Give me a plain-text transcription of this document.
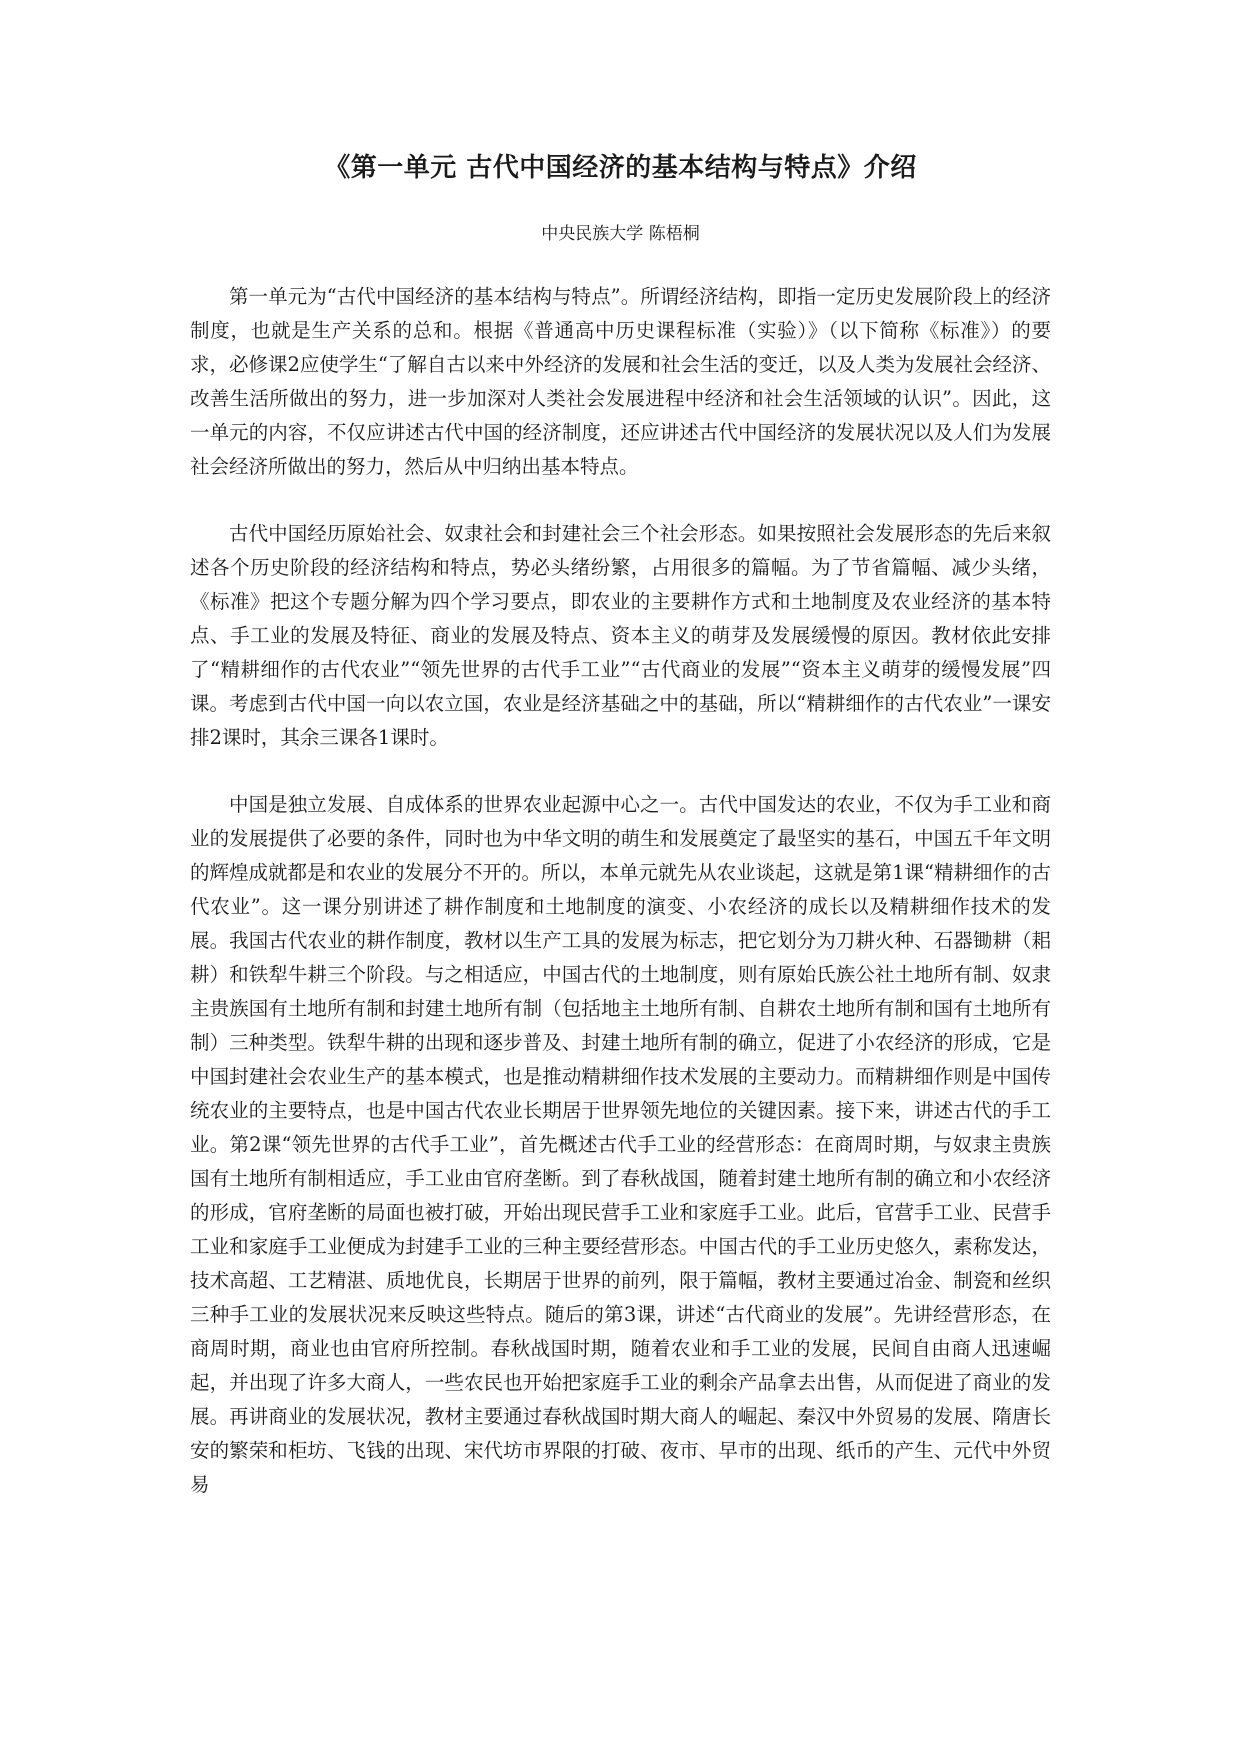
《第一单元 古代中国经济的基本结构与特点》介绍
中央民族大学 陈梧桐

第一单元为“古代中国经济的基本结构与特点”。所谓经济结构，即指一定历史发展阶段上的经济制度，也就是生产关系的总和。根据《普通高中历史课程标准（实验）》（以下简称《标准》）的要求，必修课2应使学生“了解自古以来中外经济的发展和社会生活的变迁，以及人类为发展社会经济、改善生活所做出的努力，进一步加深对人类社会发展进程中经济和社会生活领域的认识”。因此，这一单元的内容，不仅应讲述古代中国的经济制度，还应讲述古代中国经济的发展状况以及人们为发展社会经济所做出的努力，然后从中归纳出基本特点。

古代中国经历原始社会、奴隶社会和封建社会三个社会形态。如果按照社会发展形态的先后来叙述各个历史阶段的经济结构和特点，势必头绪纷繁，占用很多的篇幅。为了节省篇幅、减少头绪，《标准》把这个专题分解为四个学习要点，即农业的主要耕作方式和土地制度及农业经济的基本特点、手工业的发展及特征、商业的发展及特点、资本主义的萌芽及发展缓慢的原因。教材依此安排了“精耕细作的古代农业”“领先世界的古代手工业”“古代商业的发展”“资本主义萌芽的缓慢发展”四课。考虑到古代中国一向以农立国，农业是经济基础之中的基础，所以“精耕细作的古代农业”一课安排2课时，其余三课各1课时。

中国是独立发展、自成体系的世界农业起源中心之一。古代中国发达的农业，不仅为手工业和商业的发展提供了必要的条件，同时也为中华文明的萌生和发展奠定了最坚实的基石，中国五千年文明的辉煌成就都是和农业的发展分不开的。所以，本单元就先从农业谈起，这就是第1课“精耕细作的古代农业”。这一课分别讲述了耕作制度和土地制度的演变、小农经济的成长以及精耕细作技术的发展。我国古代农业的耕作制度，教材以生产工具的发展为标志，把它划分为刀耕火种、石器锄耕（耜耕）和铁犁牛耕三个阶段。与之相适应，中国古代的土地制度，则有原始氏族公社土地所有制、奴隶主贵族国有土地所有制和封建土地所有制（包括地主土地所有制、自耕农土地所有制和国有土地所有制）三种类型。铁犁牛耕的出现和逐步普及、封建土地所有制的确立，促进了小农经济的形成，它是中国封建社会农业生产的基本模式，也是推动精耕细作技术发展的主要动力。而精耕细作则是中国传统农业的主要特点，也是中国古代农业长期居于世界领先地位的关键因素。接下来，讲述古代的手工业。第2课“领先世界的古代手工业”，首先概述古代手工业的经营形态：在商周时期，与奴隶主贵族国有土地所有制相适应，手工业由官府垄断。到了春秋战国，随着封建土地所有制的确立和小农经济的形成，官府垄断的局面也被打破，开始出现民营手工业和家庭手工业。此后，官营手工业、民营手工业和家庭手工业便成为封建手工业的三种主要经营形态。中国古代的手工业历史悠久，素称发达，技术高超、工艺精湛、质地优良，长期居于世界的前列，限于篇幅，教材主要通过冶金、制瓷和丝织三种手工业的发展状况来反映这些特点。随后的第3课，讲述“古代商业的发展”。先讲经营形态，在商周时期，商业也由官府所控制。春秋战国时期，随着农业和手工业的发展，民间自由商人迅速崛起，并出现了许多大商人，一些农民也开始把家庭手工业的剩余产品拿去出售，从而促进了商业的发展。再讲商业的发展状况，教材主要通过春秋战国时期大商人的崛起、秦汉中外贸易的发展、隋唐长安的繁荣和柜坊、飞钱的出现、宋代坊市界限的打破、夜市、早市的出现、纸币的产生、元代中外贸易
